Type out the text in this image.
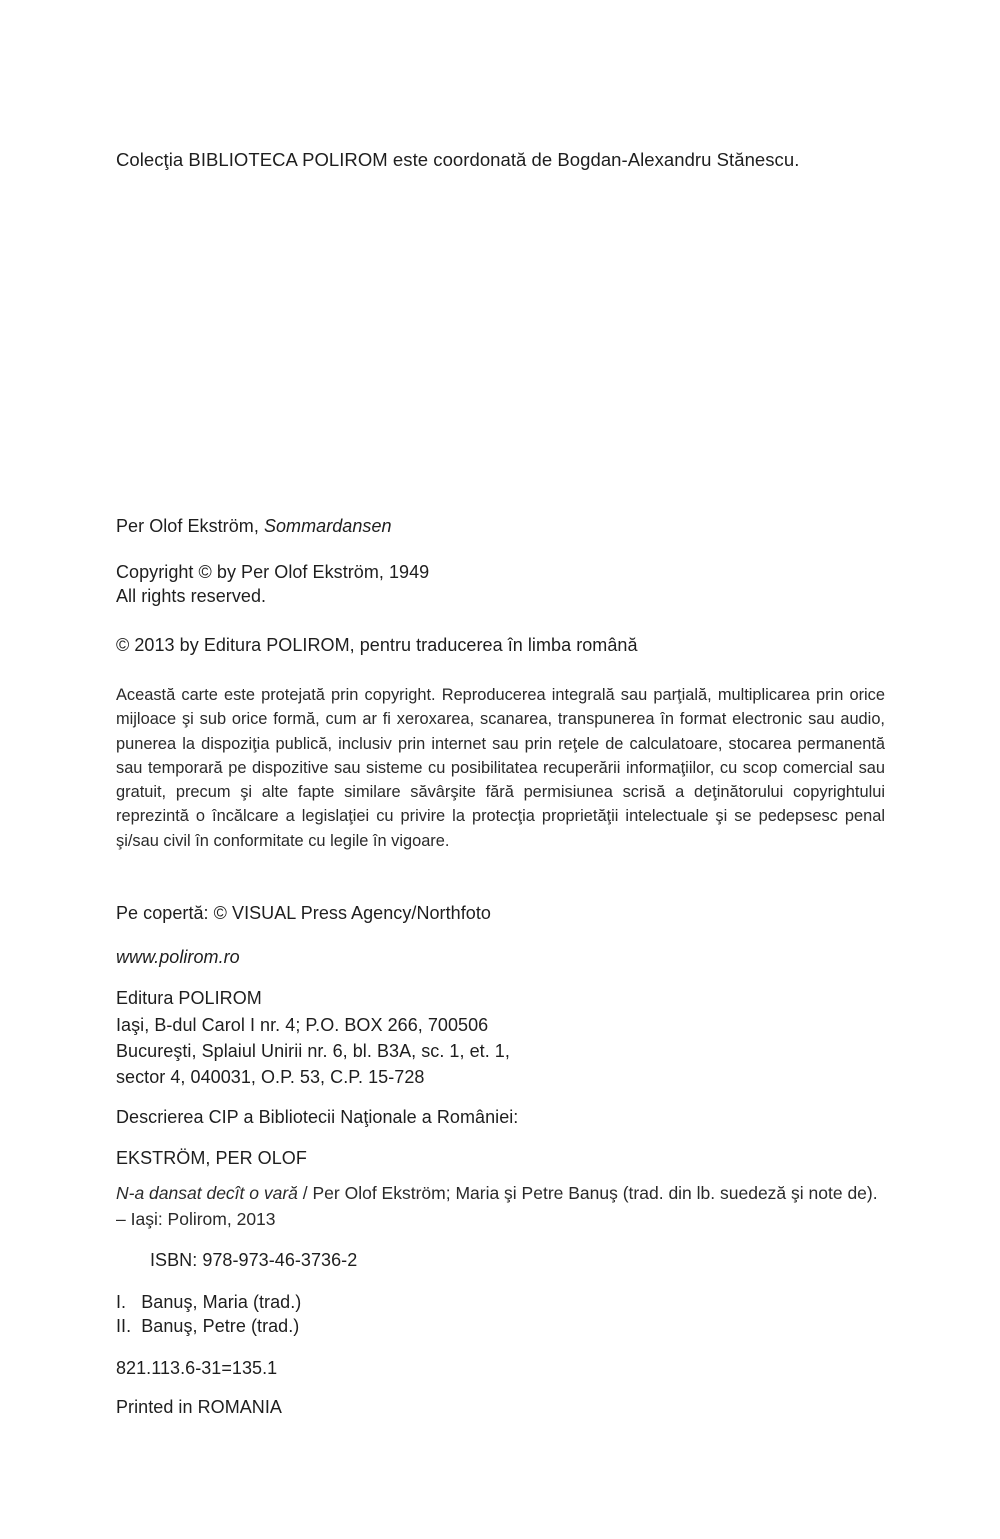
Colecţia BIBLIOTECA POLIROM este coordonată de Bogdan-Alexandru Stănescu.
Per Olof Ekström, Sommardansen
Copyright © by Per Olof Ekström, 1949
All rights reserved.
© 2013 by Editura POLIROM, pentru traducerea în limba română
Această carte este protejată prin copyright. Reproducerea integrală sau parţială, multiplicarea prin orice mijloace şi sub orice formă, cum ar fi xeroxarea, scanarea, transpunerea în format electronic sau audio, punerea la dispoziţia publică, inclusiv prin internet sau prin reţele de calculatoare, stocarea permanentă sau temporară pe dispozitive sau sisteme cu posibilitatea recuperării informaţiilor, cu scop comercial sau gratuit, precum şi alte fapte similare săvârşite fără permisiunea scrisă a deţinătorului copyrightului reprezintă o încălcare a legislaţiei cu privire la protecţia proprietăţii intelectuale şi se pedepsesc penal şi/sau civil în conformitate cu legile în vigoare.
Pe copertă: © VISUAL Press Agency/Northfoto
www.polirom.ro
Editura POLIROM
Iaşi, B-dul Carol I nr. 4; P.O. BOX 266, 700506
Bucureşti, Splaiul Unirii nr. 6, bl. B3A, sc. 1, et. 1,
sector 4, 040031, O.P. 53, C.P. 15-728
Descrierea CIP a Bibliotecii Naţionale a României:
EKSTRÖM, PER OLOF
N-a dansat decît o vară / Per Olof Ekström; Maria şi Petre Banuş (trad. din lb. suedeză şi note de). – Iaşi: Polirom, 2013
ISBN: 978-973-46-3736-2
I.   Banuş, Maria (trad.)
II.  Banuş, Petre (trad.)
821.113.6-31=135.1
Printed in ROMANIA
